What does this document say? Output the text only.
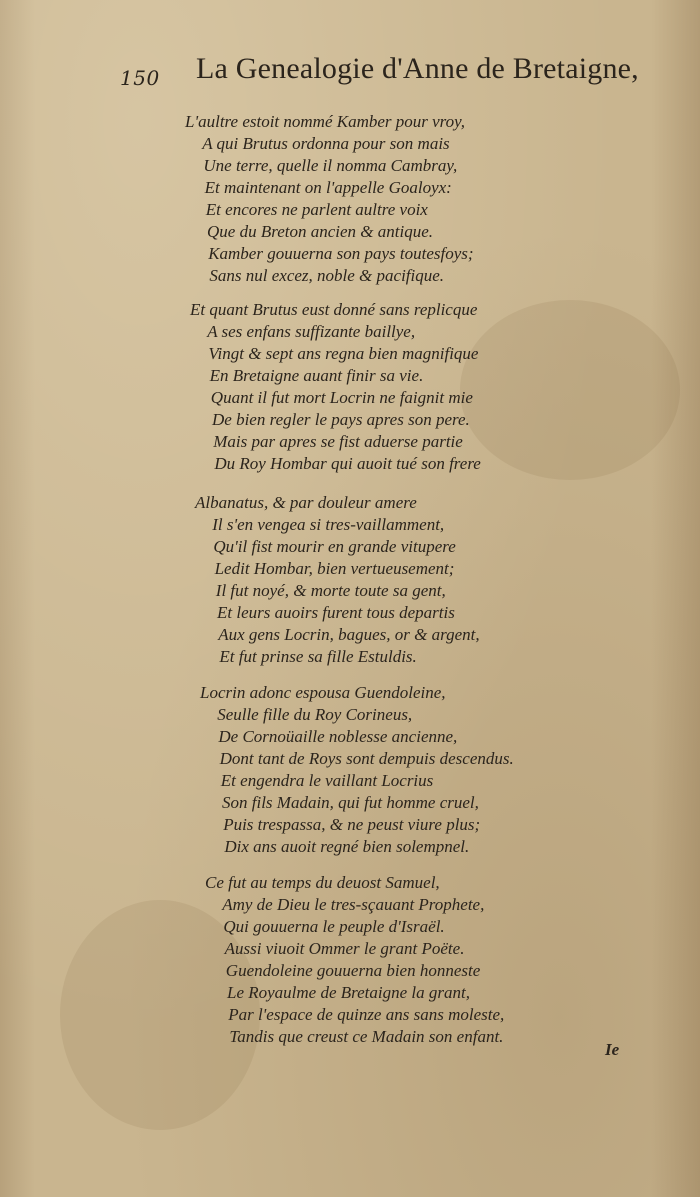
150 La Genealogie d'Anne de Bretaigne,
L'aultre estoit nommé Kamber pour vroy,
A qui Brutus ordonna pour son mais
Une terre, quelle il nomma Cambray,
Et maintenant on l'appelle Goaloyx:
Et encores ne parlent aultre voix
Que du Breton ancien & antique.
Kamber gouuerna son pays toutesfoys;
Sans nul excez, noble & pacifique.
Et quant Brutus eust donné sans replicque
A ses enfans suffizante baillye,
Vingt & sept ans regna bien magnifique
En Bretaigne auant finir sa vie.
Quant il fut mort Locrin ne faignit mie
De bien regler le pays apres son pere.
Mais par apres se fist aduerse partie
Du Roy Hombar qui auoit tué son frere
Albanatus, & par douleur amere
Il s'en vengea si tres-vaillamment,
Qu'il fist mourir en grande vitupere
Ledit Hombar, bien vertueusement;
Il fut noyé, & morte toute sa gent,
Et leurs auoirs furent tous departis
Aux gens Locrin, bagues, or & argent,
Et fut prinse sa fille Estuldis.
Locrin adonc espousa Guendoleine,
Seulle fille du Roy Corineus,
De Cornoüaille noblesse ancienne,
Dont tant de Roys sont dempuis descendus.
Et engendra le vaillant Locrius
Son fils Madain, qui fut homme cruel,
Puis trespassa, & ne peust viure plus;
Dix ans auoit regné bien solempnel.
Ce fut au temps du deuost Samuel,
Amy de Dieu le tres-sçauant Prophete,
Qui gouuerna le peuple d'Israël.
Aussi viuoit Ommer le grant Poëte.
Guendoleine gouuerna bien honneste
Le Royaulme de Bretaigne la grant,
Par l'espace de quinze ans sans moleste,
Tandis que creust ce Madain son enfant.
Ie
